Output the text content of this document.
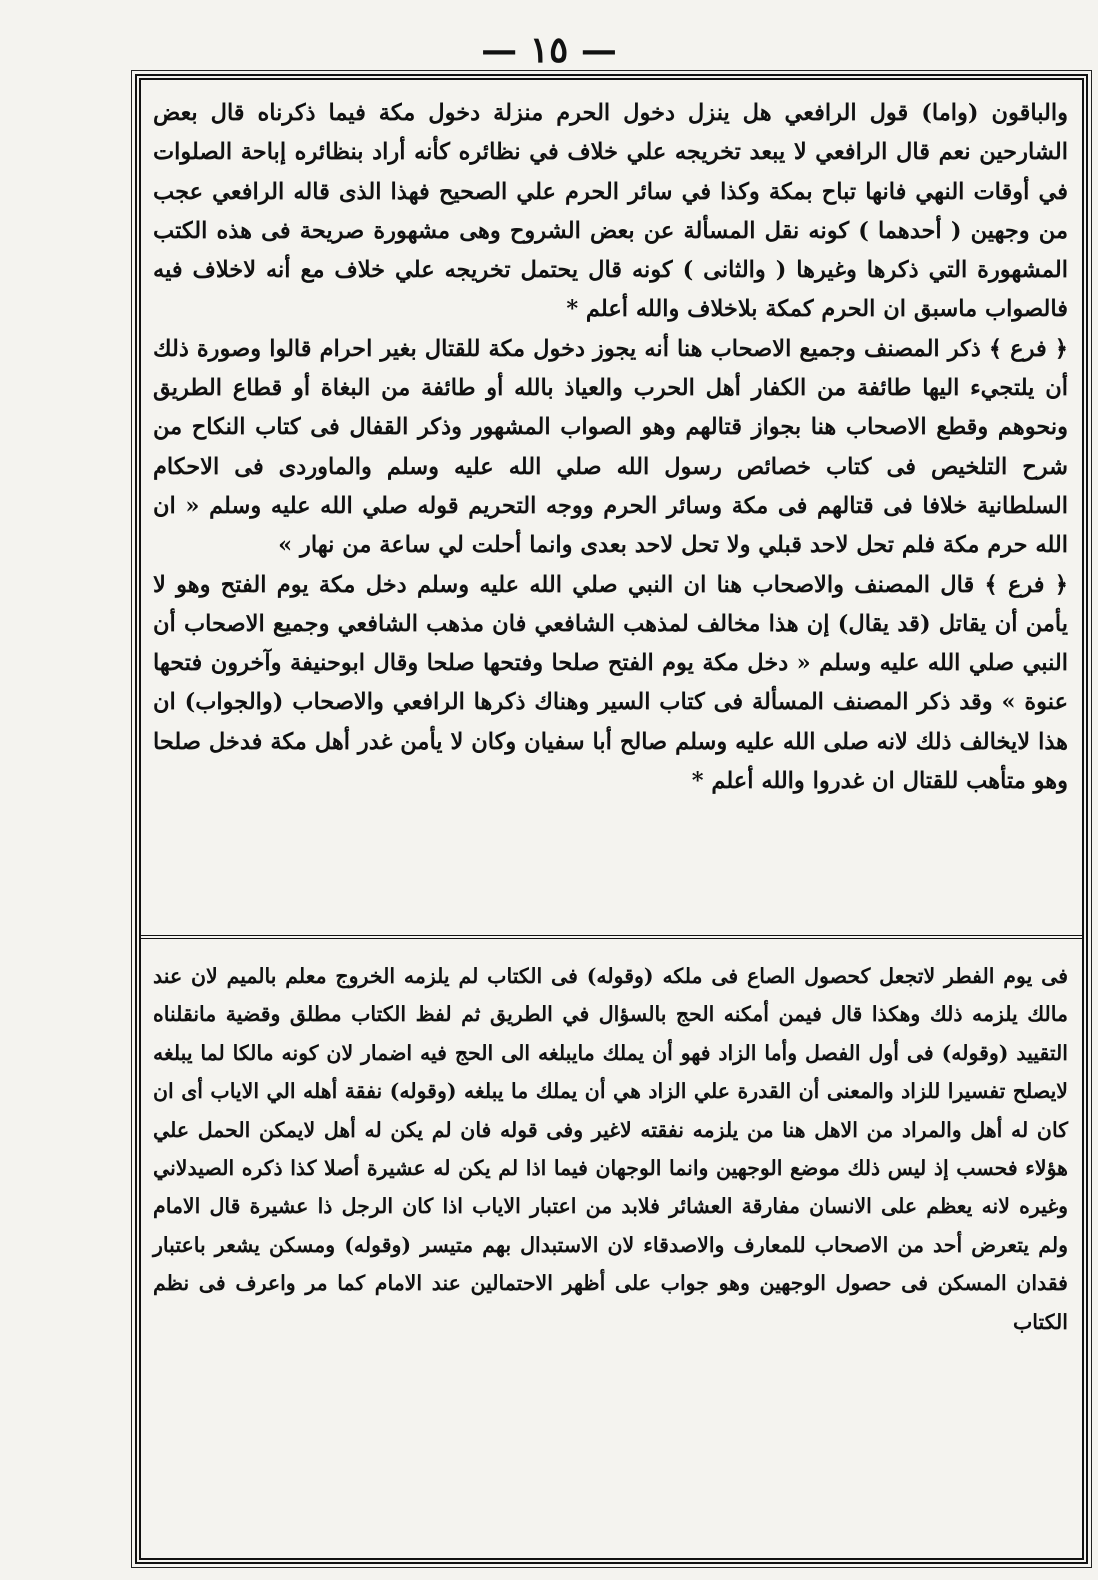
— ١٥ —

والباقون (واما) قول الرافعي هل ينزل دخول الحرم منزلة دخول مكة فيما ذكرناه قال بعض الشارحين نعم قال الرافعي لا يبعد تخريجه علي خلاف في نظائره كأنه أراد بنظائره إباحة الصلوات في أوقات النهي فانها تباح بمكة وكذا في سائر الحرم علي الصحيح فهذا الذى قاله الرافعي عجب من وجهين ( أحدهما ) كونه نقل المسألة عن بعض الشروح وهى مشهورة صريحة فى هذه الكتب المشهورة التي ذكرها وغيرها ( والثانى ) كونه قال يحتمل تخريجه علي خلاف مع أنه لاخلاف فيه فالصواب ماسبق ان الحرم كمكة بلاخلاف والله أعلم *

﴿ فرع ﴾ ذكر المصنف وجميع الاصحاب هنا أنه يجوز دخول مكة للقتال بغير احرام قالوا وصورة ذلك أن يلتجيء اليها طائفة من الكفار أهل الحرب والعياذ بالله أو طائفة من البغاة أو قطاع الطريق ونحوهم وقطع الاصحاب هنا بجواز قتالهم وهو الصواب المشهور وذكر القفال فى كتاب النكاح من شرح التلخيص فى كتاب خصائص رسول الله صلي الله عليه وسلم والماوردى فى الاحكام السلطانية خلافا فى قتالهم فى مكة وسائر الحرم ووجه التحريم قوله صلي الله عليه وسلم « ان الله حرم مكة فلم تحل لاحد قبلي ولا تحل لاحد بعدى وانما أحلت لي ساعة من نهار »

﴿ فرع ﴾ قال المصنف والاصحاب هنا ان النبي صلي الله عليه وسلم دخل مكة يوم الفتح وهو لا يأمن أن يقاتل (قد يقال) إن هذا مخالف لمذهب الشافعي فان مذهب الشافعي وجميع الاصحاب أن النبي صلي الله عليه وسلم « دخل مكة يوم الفتح صلحا وفتحها صلحا وقال ابوحنيفة وآخرون فتحها عنوة » وقد ذكر المصنف المسألة فى كتاب السير وهناك ذكرها الرافعي والاصحاب (والجواب) ان هذا لايخالف ذلك لانه صلى الله عليه وسلم صالح أبا سفيان وكان لا يأمن غدر أهل مكة فدخل صلحا وهو متأهب للقتال ان غدروا والله أعلم *

فى يوم الفطر لاتجعل كحصول الصاع فى ملكه (وقوله) فى الكتاب لم يلزمه الخروج معلم بالميم لان عند مالك يلزمه ذلك وهكذا قال فيمن أمكنه الحج بالسؤال في الطريق ثم لفظ الكتاب مطلق وقضية مانقلناه التقييد (وقوله) فى أول الفصل وأما الزاد فهو أن يملك مايبلغه الى الحج فيه اضمار لان كونه مالكا لما يبلغه لايصلح تفسيرا للزاد والمعنى أن القدرة علي الزاد هي أن يملك ما يبلغه (وقوله) نفقة أهله الي الاياب أى ان كان له أهل والمراد من الاهل هنا من يلزمه نفقته لاغير وفى قوله فان لم يكن له أهل لايمكن الحمل علي هؤلاء فحسب إذ ليس ذلك موضع الوجهين وانما الوجهان فيما اذا لم يكن له عشيرة أصلا كذا ذكره الصيدلاني وغيره لانه يعظم على الانسان مفارقة العشائر فلابد من اعتبار الاياب اذا كان الرجل ذا عشيرة قال الامام ولم يتعرض أحد من الاصحاب للمعارف والاصدقاء لان الاستبدال بهم متيسر (وقوله) ومسكن يشعر باعتبار فقدان المسكن فى حصول الوجهين وهو جواب على أظهر الاحتمالين عند الامام كما مر واعرف فى نظم الكتاب
